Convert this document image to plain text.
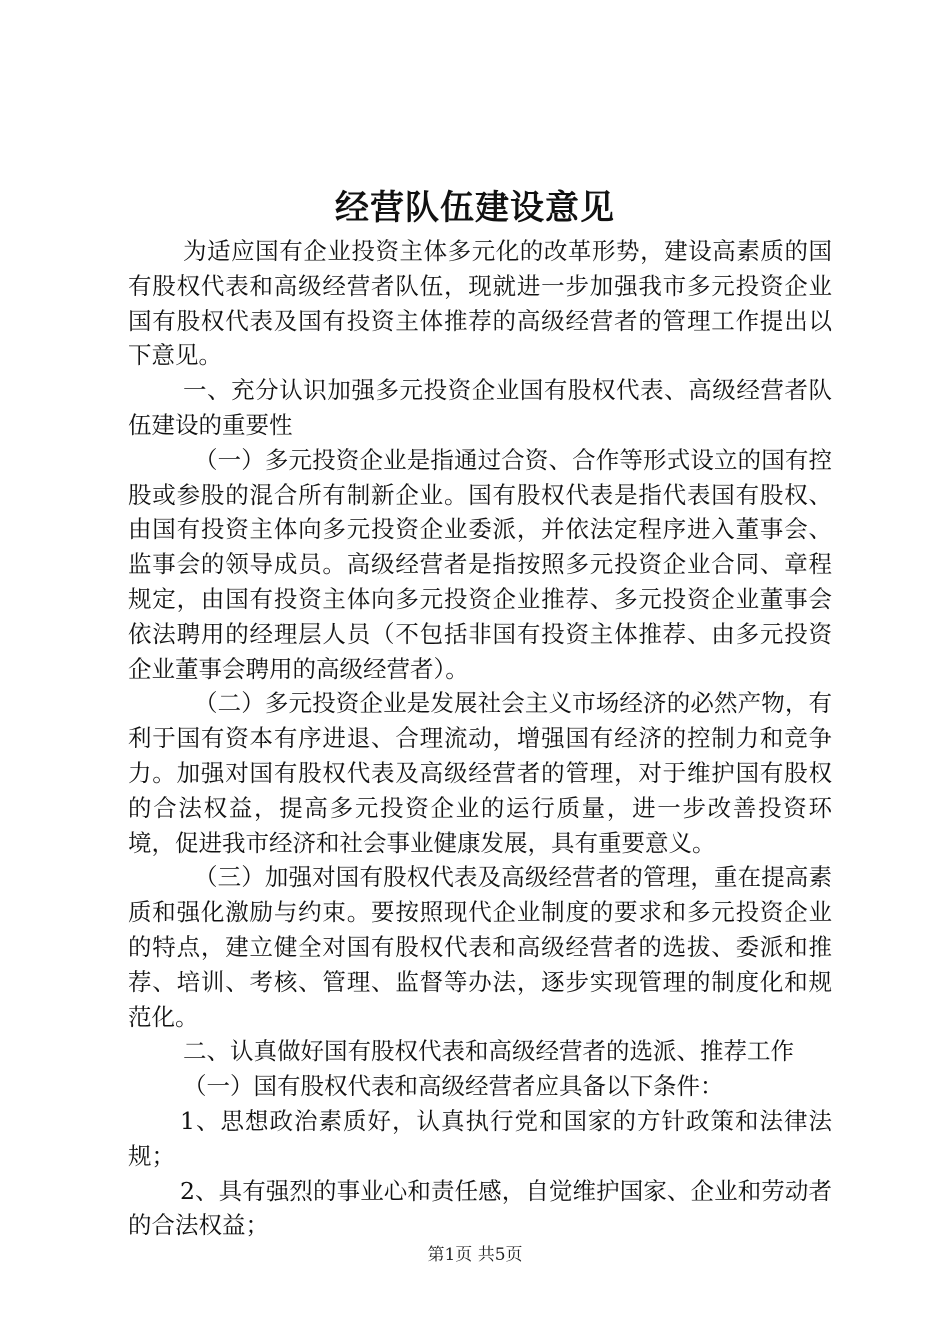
经营队伍建设意见

为适应国有企业投资主体多元化的改革形势，建设高素质的国有股权代表和高级经营者队伍，现就进一步加强我市多元投资企业国有股权代表及国有投资主体推荐的高级经营者的管理工作提出以下意见。

一、充分认识加强多元投资企业国有股权代表、高级经营者队伍建设的重要性

（一）多元投资企业是指通过合资、合作等形式设立的国有控股或参股的混合所有制新企业。国有股权代表是指代表国有股权、由国有投资主体向多元投资企业委派，并依法定程序进入董事会、监事会的领导成员。高级经营者是指按照多元投资企业合同、章程规定，由国有投资主体向多元投资企业推荐、多元投资企业董事会依法聘用的经理层人员（不包括非国有投资主体推荐、由多元投资企业董事会聘用的高级经营者）。

（二）多元投资企业是发展社会主义市场经济的必然产物，有利于国有资本有序进退、合理流动，增强国有经济的控制力和竞争力。加强对国有股权代表及高级经营者的管理，对于维护国有股权的合法权益，提高多元投资企业的运行质量，进一步改善投资环境，促进我市经济和社会事业健康发展，具有重要意义。

（三）加强对国有股权代表及高级经营者的管理，重在提高素质和强化激励与约束。要按照现代企业制度的要求和多元投资企业的特点，建立健全对国有股权代表和高级经营者的选拔、委派和推荐、培训、考核、管理、监督等办法，逐步实现管理的制度化和规范化。

二、认真做好国有股权代表和高级经营者的选派、推荐工作

（一）国有股权代表和高级经营者应具备以下条件：

1、思想政治素质好，认真执行党和国家的方针政策和法律法规；

2、具有强烈的事业心和责任感，自觉维护国家、企业和劳动者的合法权益；

第1页 共5页
